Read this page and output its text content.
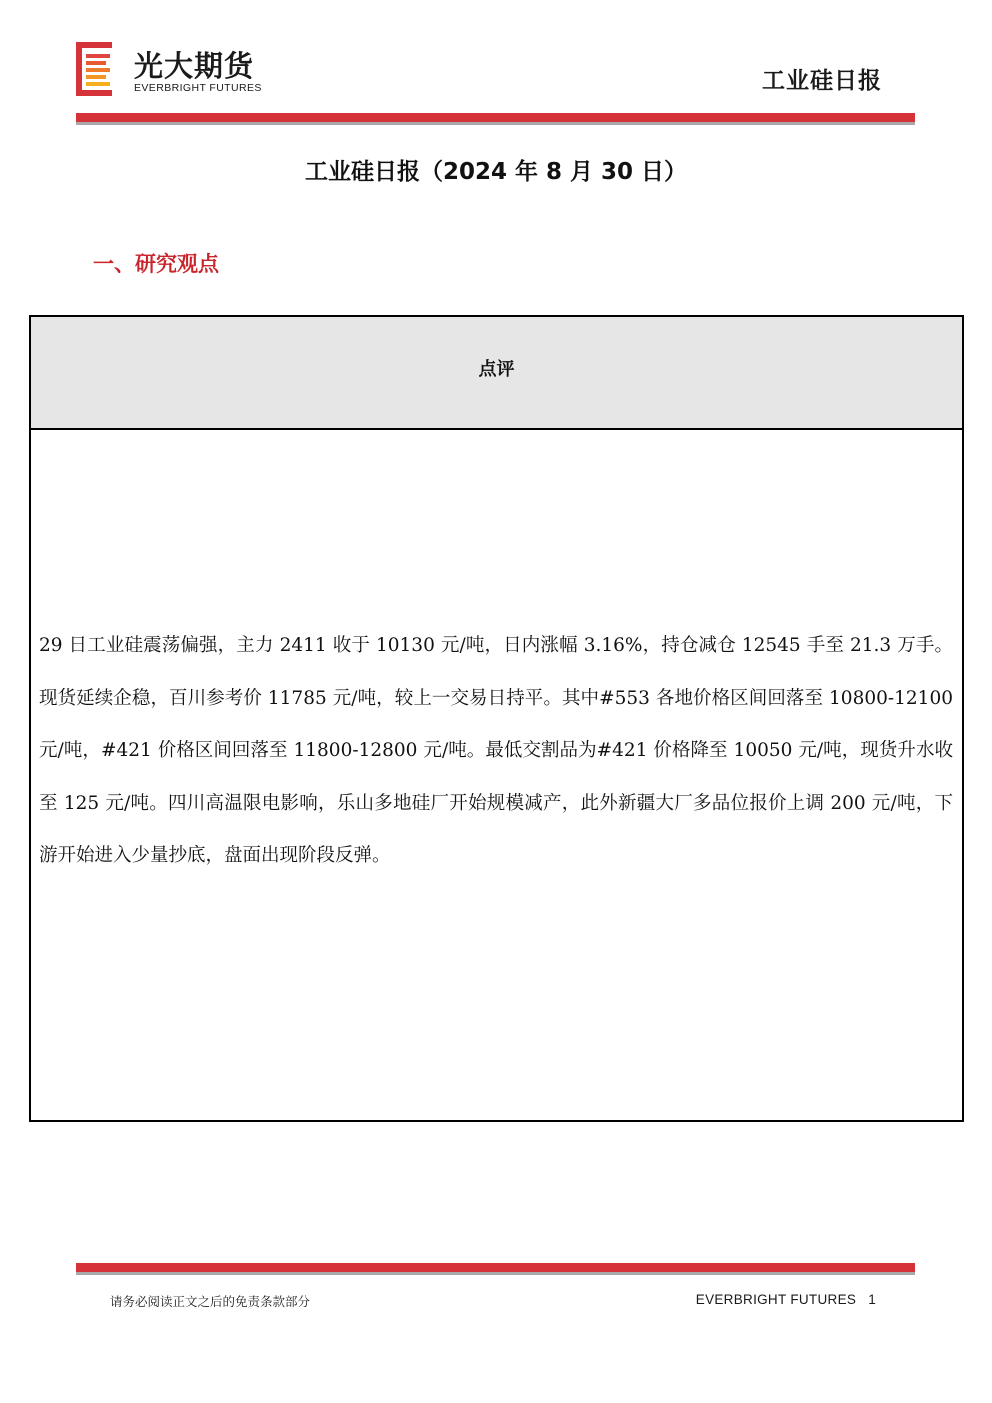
光大期货
EVERBRIGHT FUTURES	工业硅日报
工业硅日报（2024 年 8 月 30 日）
一、研究观点
点评
29 日工业硅震荡偏强，主力 2411 收于 10130 元/吨，日内涨幅 3.16%，持仓减仓 12545 手至 21.3 万手。现货延续企稳，百川参考价 11785 元/吨，较上一交易日持平。其中#553 各地价格区间回落至 10800-12100 元/吨，#421 价格区间回落至 11800-12800 元/吨。最低交割品为#421 价格降至 10050 元/吨，现货升水收至 125 元/吨。四川高温限电影响，乐山多地硅厂开始规模减产，此外新疆大厂多品位报价上调 200 元/吨，下游开始进入少量抄底，盘面出现阶段反弹。
请务必阅读正文之后的免责条款部分	EVERBRIGHT FUTURES 1
